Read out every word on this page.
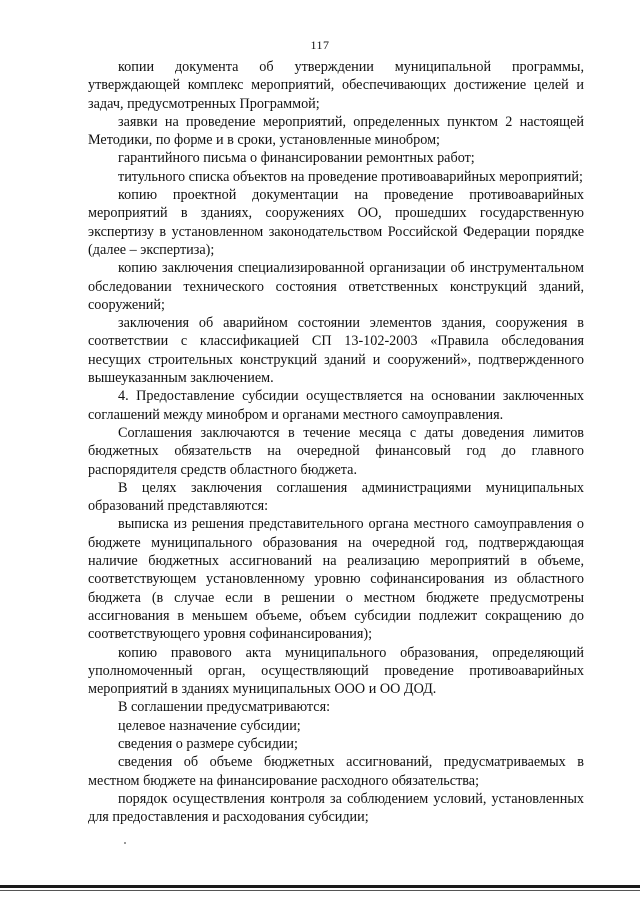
117

копии документа об утверждении муниципальной программы, утверждающей комплекс мероприятий, обеспечивающих достижение целей и задач, предусмотренных Программой;

заявки на проведение мероприятий, определенных пунктом 2 настоящей Методики, по форме и в сроки, установленные минобром;

гарантийного письма о финансировании ремонтных работ;

титульного списка объектов на проведение противоаварийных мероприятий;

копию проектной документации на проведение противоаварийных мероприятий в зданиях, сооружениях ОО, прошедших государственную экспертизу в установленном законодательством Российской Федерации порядке (далее – экспертиза);

копию заключения специализированной организации об инструментальном обследовании технического состояния ответственных конструкций зданий, сооружений;

заключения об аварийном состоянии элементов здания, сооружения в соответствии с классификацией СП 13-102-2003 «Правила обследования несущих строительных конструкций зданий и сооружений», подтвержденного вышеуказанным заключением.

4. Предоставление субсидии осуществляется на основании заключенных соглашений между минобром и органами местного самоуправления.

Соглашения заключаются в течение месяца с даты доведения лимитов бюджетных обязательств на очередной финансовый год до главного распорядителя средств областного бюджета.

В целях заключения соглашения администрациями муниципальных образований представляются:

выписка из решения представительного органа местного самоуправления о бюджете муниципального образования на очередной год, подтверждающая наличие бюджетных ассигнований на реализацию мероприятий в объеме, соответствующем установленному уровню софинансирования из областного бюджета (в случае если в решении о местном бюджете предусмотрены ассигнования в меньшем объеме, объем субсидии подлежит сокращению до соответствующего уровня софинансирования);

копию правового акта муниципального образования, определяющий уполномоченный орган, осуществляющий проведение противоаварийных мероприятий в зданиях муниципальных ООО и ОО ДОД.

В соглашении предусматриваются:

целевое назначение субсидии;

сведения о размере субсидии;

сведения об объеме бюджетных ассигнований, предусматриваемых в местном бюджете на финансирование расходного обязательства;

порядок осуществления контроля за соблюдением условий, установленных для предоставления и расходования субсидии;
